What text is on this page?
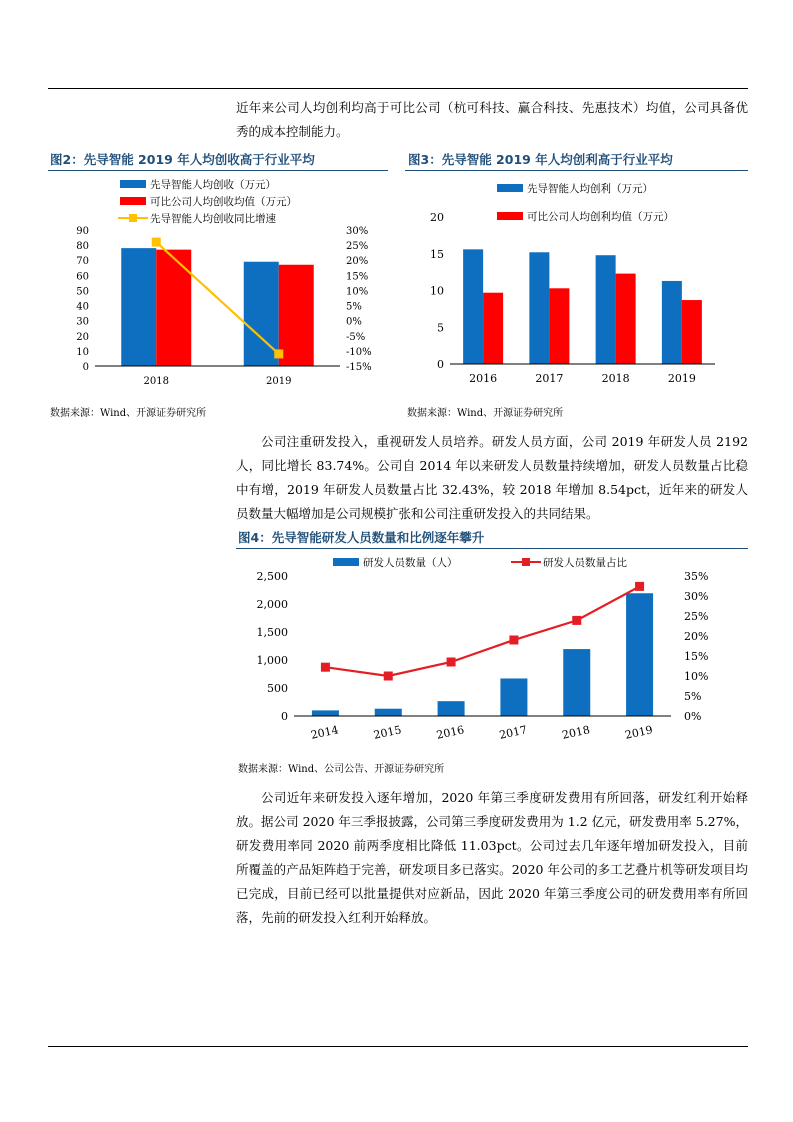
近年来公司人均创利均高于可比公司（杭可科技、赢合科技、先惠技术）均值，公司具备优秀的成本控制能力。

图2：先导智能 2019 年人均创收高于行业平均
先导智能人均创收（万元）
可比公司人均创收均值（万元）
先导智能人均创收同比增速
0
10
20
30
40
50
60
70
80
90
-15%
-10%
-5%
0%
5%
10%
15%
20%
25%
30%
2018	2019
数据来源：Wind、开源证券研究所
图3：先导智能 2019 年人均创利高于行业平均
先导智能人均创利（万元）
可比公司人均创利均值（万元）
0
5
10
15
20
2016	2017	2018	2019
数据来源：Wind、开源证券研究所

公司注重研发投入，重视研发人员培养。研发人员方面，公司 2019 年研发人员 2192 人，同比增长 83.74%。公司自 2014 年以来研发人员数量持续增加，研发人员数量占比稳中有增，2019 年研发人员数量占比 32.43%，较 2018 年增加 8.54pct，近年来的研发人员数量大幅增加是公司规模扩张和公司注重研发投入的共同结果。

图4：先导智能研发人员数量和比例逐年攀升
研发人员数量（人）	研发人员数量占比
0
500
1,000
1,500
2,000
2,500
0%
5%
10%
15%
20%
25%
30%
35%
2014	2015	2016	2017	2018	2019
数据来源：Wind、公司公告、开源证券研究所

公司近年来研发投入逐年增加，2020 年第三季度研发费用有所回落，研发红利开始释放。据公司 2020 年三季报披露，公司第三季度研发费用为 1.2 亿元，研发费用率 5.27%，研发费用率同 2020 前两季度相比降低 11.03pct。公司过去几年逐年增加研发投入，目前所覆盖的产品矩阵趋于完善，研发项目多已落实。2020 年公司的多工艺叠片机等研发项目均已完成，目前已经可以批量提供对应新品，因此 2020 年第三季度公司的研发费用率有所回落，先前的研发投入红利开始释放。
